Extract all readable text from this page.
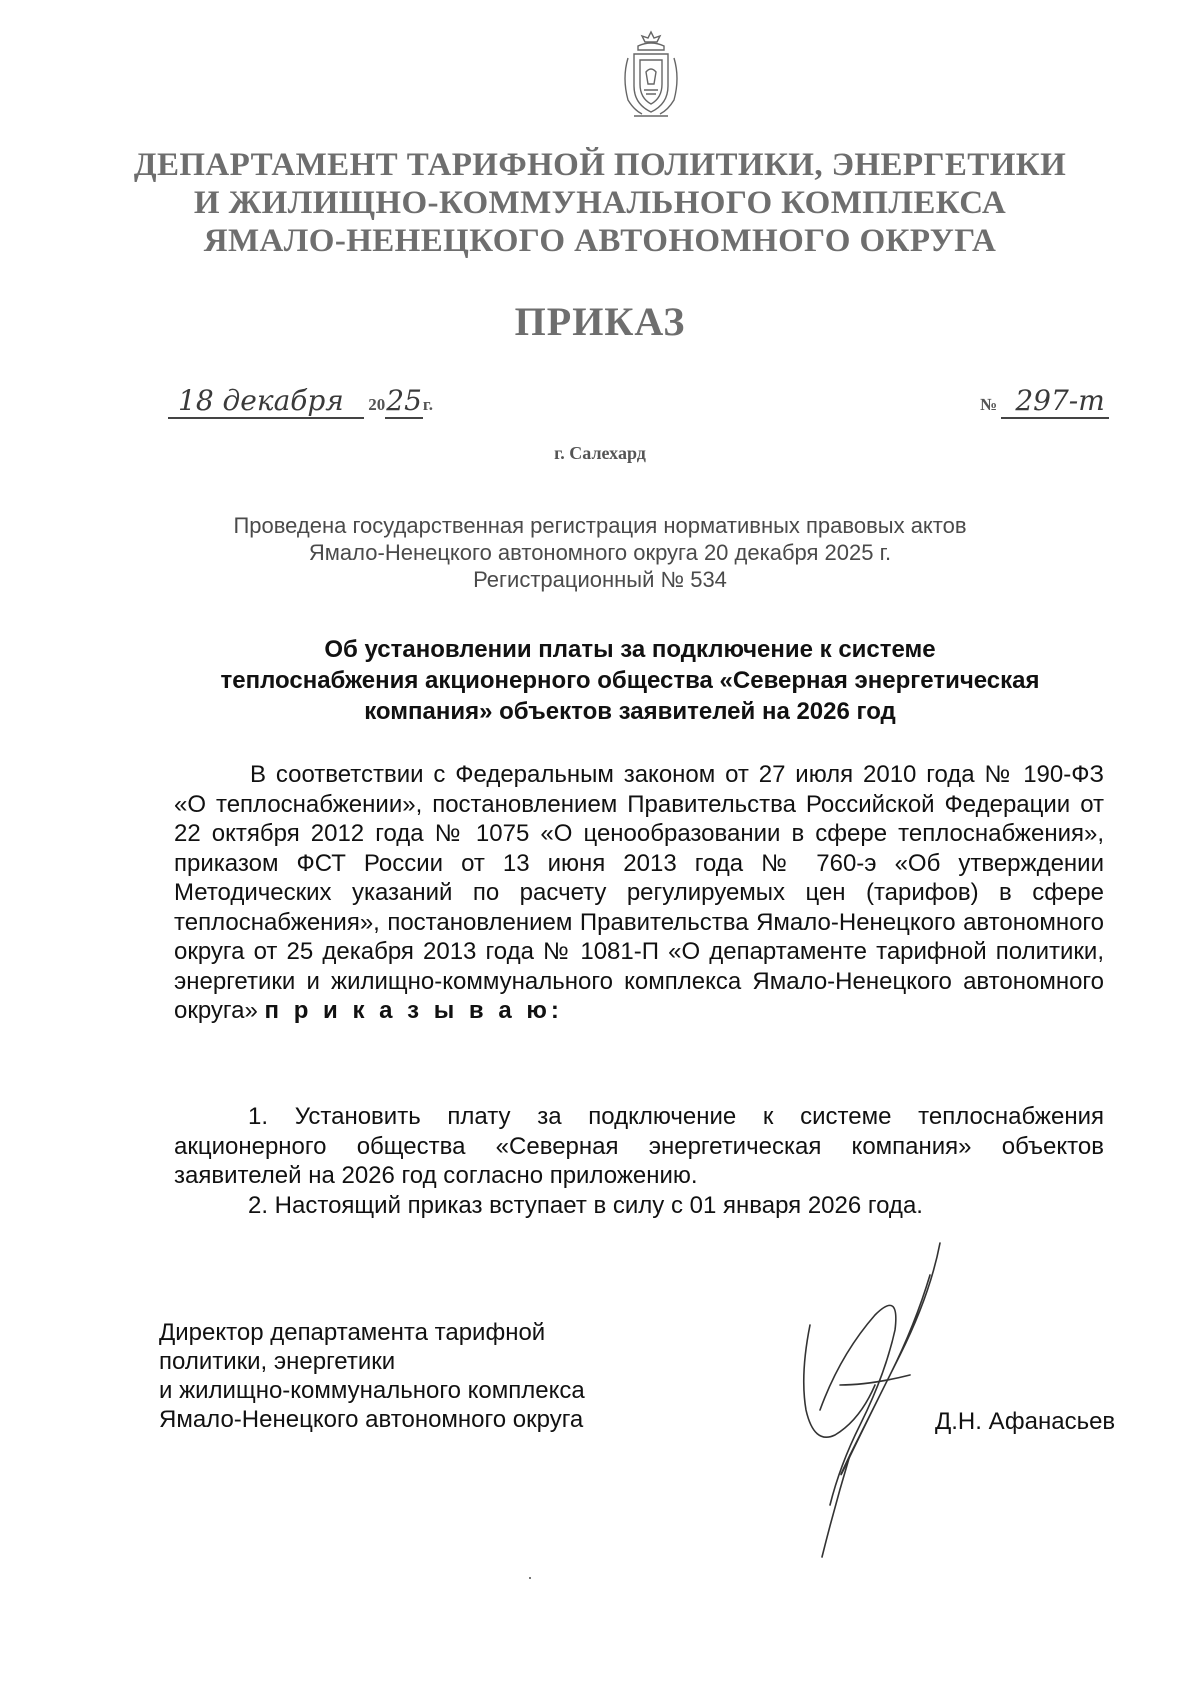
ДЕПАРТАМЕНТ ТАРИФНОЙ ПОЛИТИКИ, ЭНЕРГЕТИКИ
И ЖИЛИЩНО-КОММУНАЛЬНОГО КОМПЛЕКСА
ЯМАЛО-НЕНЕЦКОГО АВТОНОМНОГО ОКРУГА
ПРИКАЗ
18 декабря 2025г.	№ 297-т
г. Салехард
Проведена государственная регистрация нормативных правовых актов
Ямало-Ненецкого автономного округа 20 декабря 2025 г.
Регистрационный № 534
Об установлении платы за подключение к системе
теплоснабжения акционерного общества «Северная энергетическая
компания» объектов заявителей на 2026 год

В соответствии с Федеральным законом от 27 июля 2010 года № 190-ФЗ «О теплоснабжении», постановлением Правительства Российской Федерации от 22 октября 2012 года № 1075 «О ценообразовании в сфере теплоснабжения», приказом ФСТ России от 13 июня 2013 года № 760-э «Об утверждении Методических указаний по расчету регулируемых цен (тарифов) в сфере теплоснабжения», постановлением Правительства Ямало-Ненецкого автономного округа от 25 декабря 2013 года № 1081-П «О департаменте тарифной политики, энергетики и жилищно-коммунального комплекса Ямало-Ненецкого автономного округа» п р и к а з ы в а ю:

1. Установить плату за подключение к системе теплоснабжения акционерного общества «Северная энергетическая компания» объектов заявителей на 2026 год согласно приложению.

2. Настоящий приказ вступает в силу с 01 января 2026 года.

Директор департамента тарифной
политики, энергетики
и жилищно-коммунального комплекса
Ямало-Ненецкого автономного округа	Д.Н. Афанасьев
